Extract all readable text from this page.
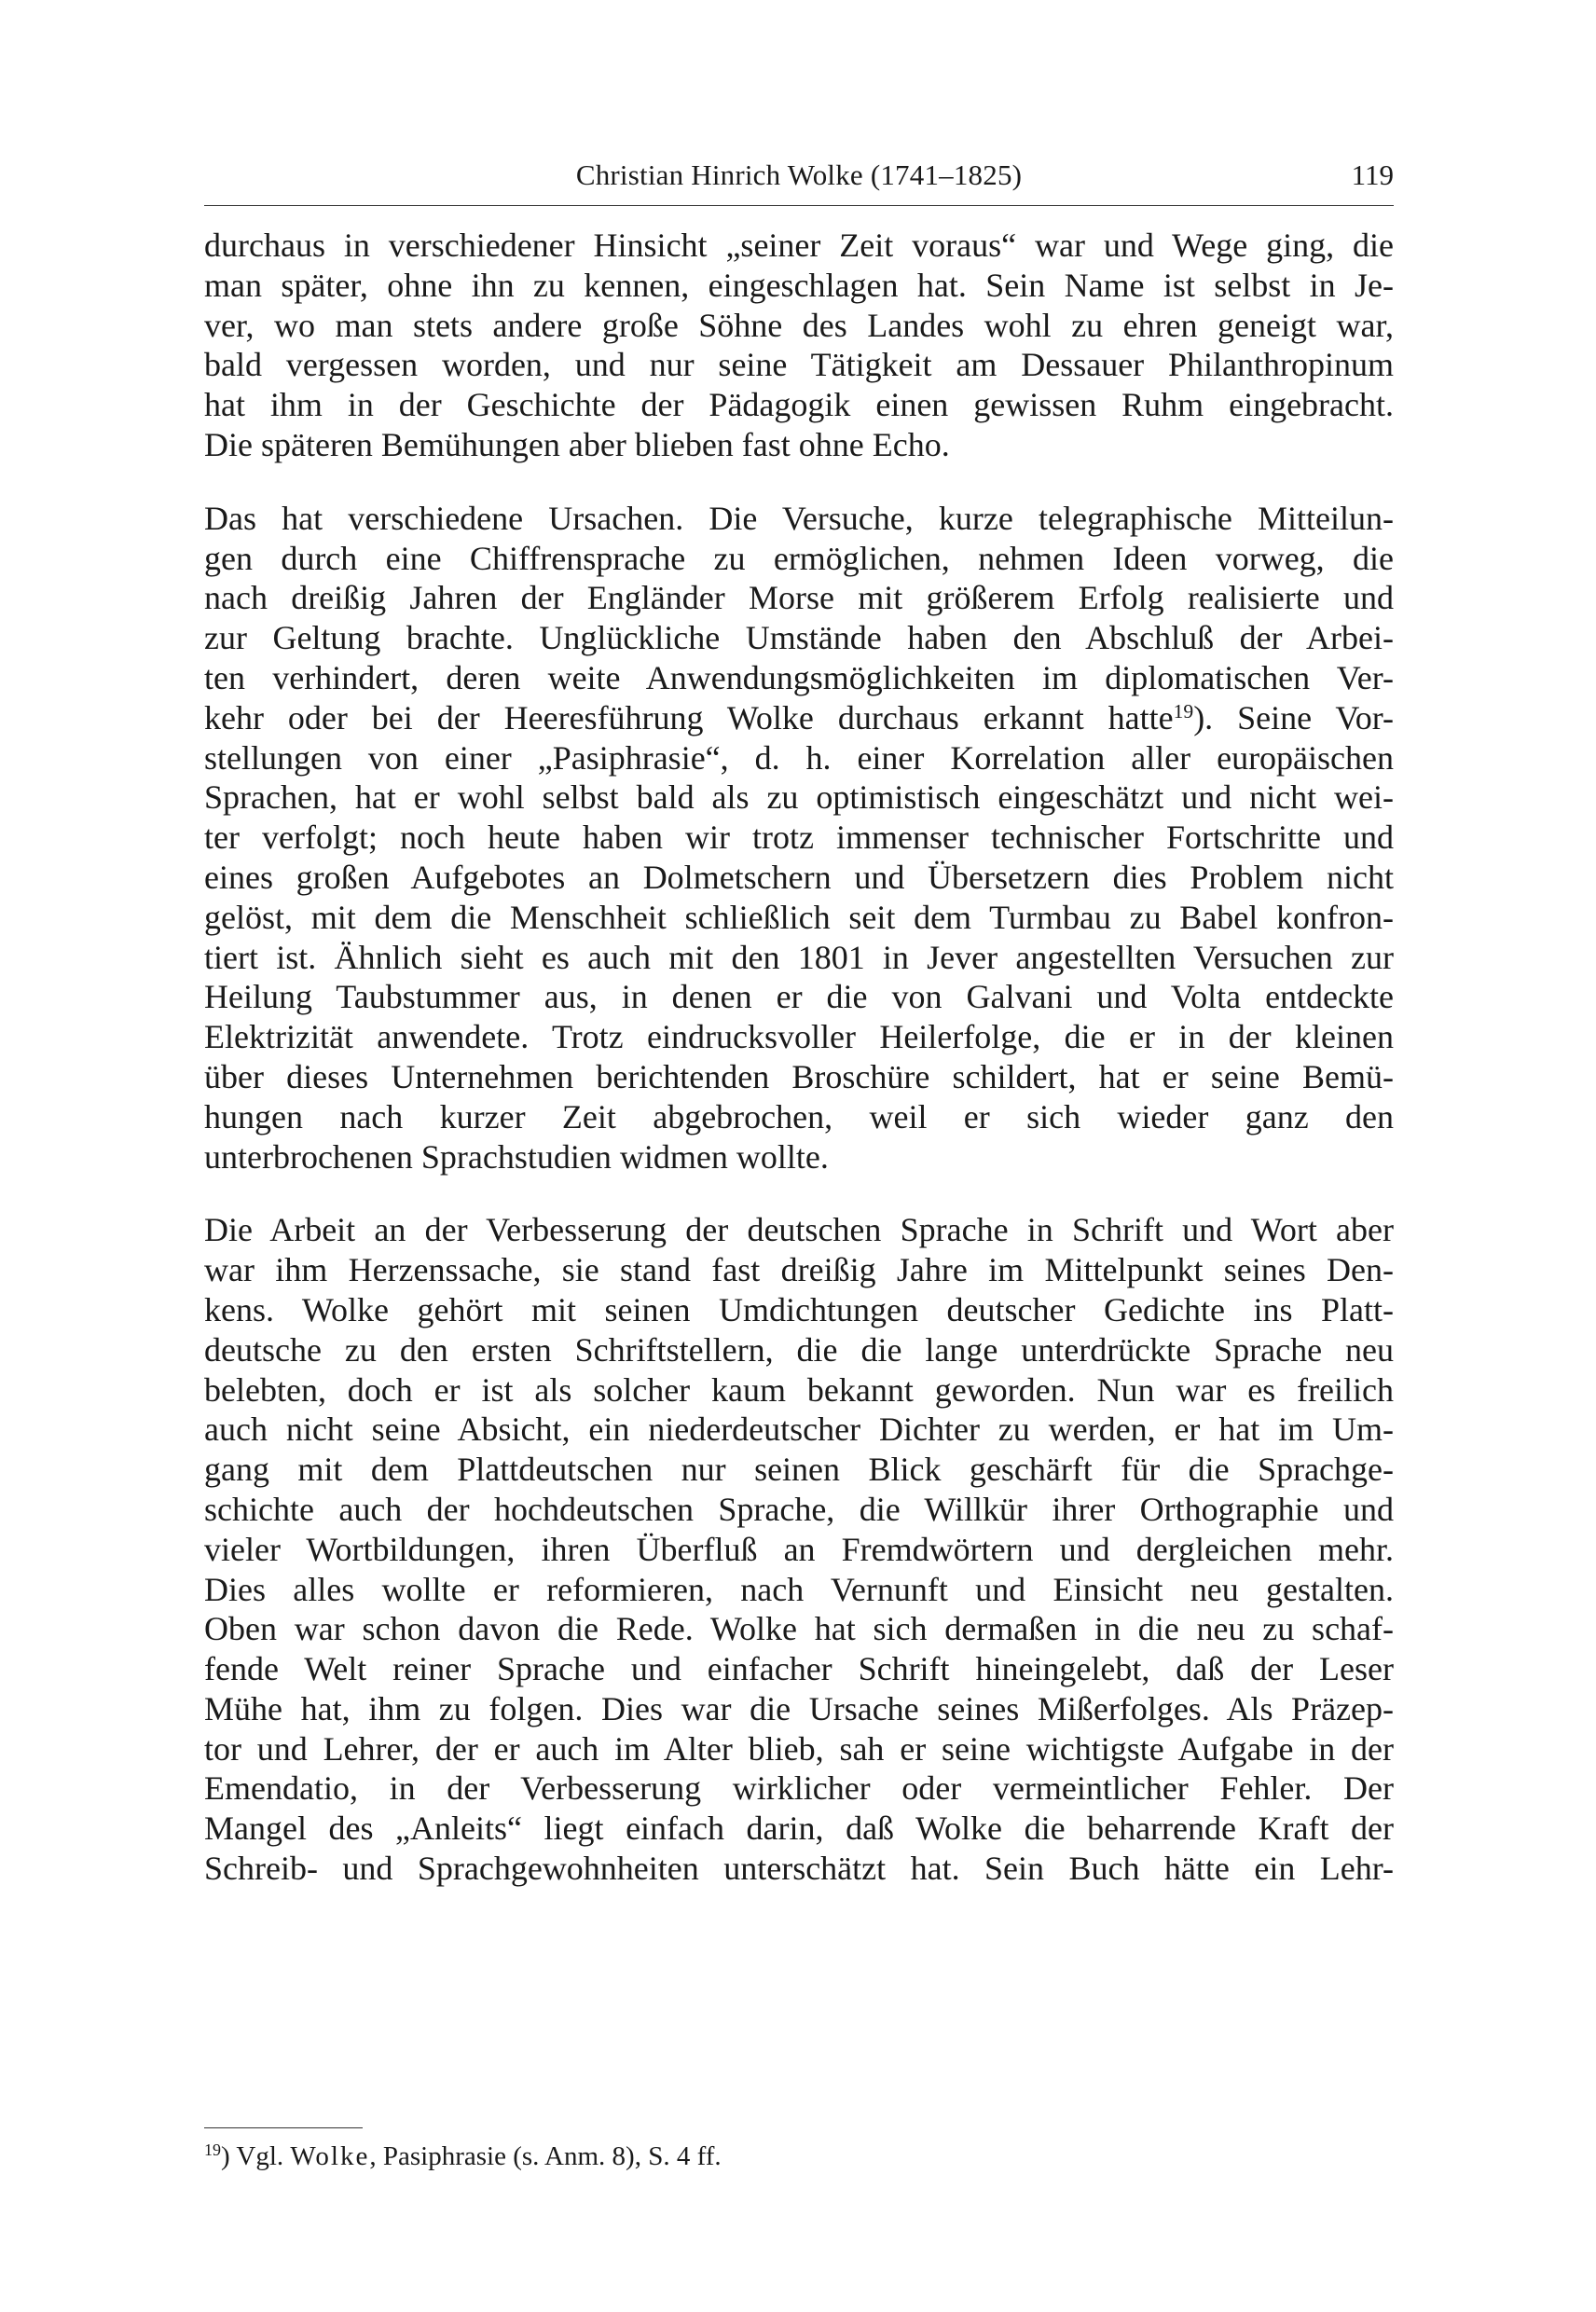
Christian Hinrich Wolke (1741–1825)	119

durchaus in verschiedener Hinsicht „seiner Zeit voraus“ war und Wege ging, die
man später, ohne ihn zu kennen, eingeschlagen hat. Sein Name ist selbst in Je-
ver, wo man stets andere große Söhne des Landes wohl zu ehren geneigt war,
bald vergessen worden, und nur seine Tätigkeit am Dessauer Philanthropinum
hat ihm in der Geschichte der Pädagogik einen gewissen Ruhm eingebracht.
Die späteren Bemühungen aber blieben fast ohne Echo.

Das hat verschiedene Ursachen. Die Versuche, kurze telegraphische Mitteilun-
gen durch eine Chiffrensprache zu ermöglichen, nehmen Ideen vorweg, die
nach dreißig Jahren der Engländer Morse mit größerem Erfolg realisierte und
zur Geltung brachte. Unglückliche Umstände haben den Abschluß der Arbei-
ten verhindert, deren weite Anwendungsmöglichkeiten im diplomatischen Ver-
kehr oder bei der Heeresführung Wolke durchaus erkannt hatte$^{19}$). Seine Vor-
stellungen von einer „Pasiphrasie“, d. h. einer Korrelation aller europäischen
Sprachen, hat er wohl selbst bald als zu optimistisch eingeschätzt und nicht wei-
ter verfolgt; noch heute haben wir trotz immenser technischer Fortschritte und
eines großen Aufgebotes an Dolmetschern und Übersetzern dies Problem nicht
gelöst, mit dem die Menschheit schließlich seit dem Turmbau zu Babel konfron-
tiert ist. Ähnlich sieht es auch mit den 1801 in Jever angestellten Versuchen zur
Heilung Taubstummer aus, in denen er die von Galvani und Volta entdeckte
Elektrizität anwendete. Trotz eindrucksvoller Heilerfolge, die er in der kleinen
über dieses Unternehmen berichtenden Broschüre schildert, hat er seine Bemü-
hungen nach kurzer Zeit abgebrochen, weil er sich wieder ganz den
unterbrochenen Sprachstudien widmen wollte.

Die Arbeit an der Verbesserung der deutschen Sprache in Schrift und Wort aber
war ihm Herzenssache, sie stand fast dreißig Jahre im Mittelpunkt seines Den-
kens. Wolke gehört mit seinen Umdichtungen deutscher Gedichte ins Platt-
deutsche zu den ersten Schriftstellern, die die lange unterdrückte Sprache neu
belebten, doch er ist als solcher kaum bekannt geworden. Nun war es freilich
auch nicht seine Absicht, ein niederdeutscher Dichter zu werden, er hat im Um-
gang mit dem Plattdeutschen nur seinen Blick geschärft für die Sprachge-
schichte auch der hochdeutschen Sprache, die Willkür ihrer Orthographie und
vieler Wortbildungen, ihren Überfluß an Fremdwörtern und dergleichen mehr.
Dies alles wollte er reformieren, nach Vernunft und Einsicht neu gestalten.
Oben war schon davon die Rede. Wolke hat sich dermaßen in die neu zu schaf-
fende Welt reiner Sprache und einfacher Schrift hineingelebt, daß der Leser
Mühe hat, ihm zu folgen. Dies war die Ursache seines Mißerfolges. Als Präzep-
tor und Lehrer, der er auch im Alter blieb, sah er seine wichtigste Aufgabe in der
Emendatio, in der Verbesserung wirklicher oder vermeintlicher Fehler. Der
Mangel des „Anleits“ liegt einfach darin, daß Wolke die beharrende Kraft der
Schreib- und Sprachgewohnheiten unterschätzt hat. Sein Buch hätte ein Lehr-

$^{19}$) Vgl. Wolke, Pasiphrasie (s. Anm. 8), S. 4 ff.
